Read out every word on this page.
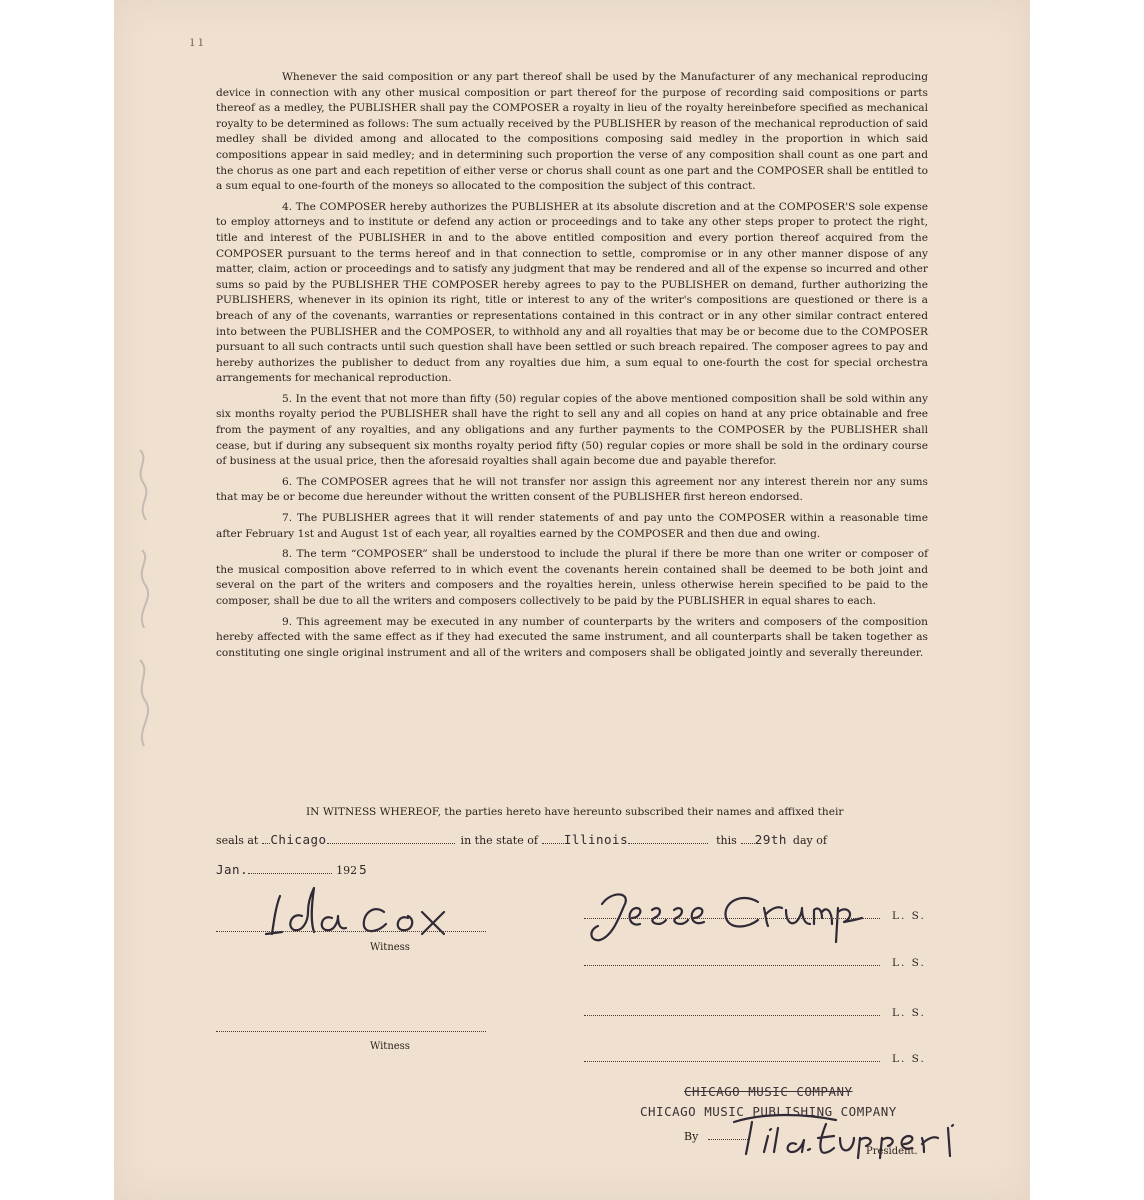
ıı

Whenever the said composition or any part thereof shall be used by the Manufacturer of any mechanical reproducing device in connection with any other musical composition or part thereof for the purpose of recording said compositions or parts thereof as a medley, the PUBLISHER shall pay the COMPOSER a royalty in lieu of the royalty hereinbefore specified as mechanical royalty to be determined as follows: The sum actually received by the PUBLISHER by reason of the mechanical reproduction of said medley shall be divided among and allocated to the compositions composing said medley in the proportion in which said compositions appear in said medley; and in determining such proportion the verse of any composition shall count as one part and the chorus as one part and each repetition of either verse or chorus shall count as one part and the COMPOSER shall be entitled to a sum equal to one-fourth of the moneys so allocated to the composition the subject of this contract.

4. The COMPOSER hereby authorizes the PUBLISHER at its absolute discretion and at the COMPOSER'S sole expense to employ attorneys and to institute or defend any action or proceedings and to take any other steps proper to protect the right, title and interest of the PUBLISHER in and to the above entitled composition and every portion thereof acquired from the COMPOSER pursuant to the terms hereof and in that connection to settle, compromise or in any other manner dispose of any matter, claim, action or proceedings and to satisfy any judgment that may be rendered and all of the expense so incurred and other sums so paid by the PUBLISHER THE COMPOSER hereby agrees to pay to the PUBLISHER on demand, further authorizing the PUBLISHERS, whenever in its opinion its right, title or interest to any of the writer's compositions are questioned or there is a breach of any of the covenants, warranties or representations contained in this contract or in any other similar contract entered into between the PUBLISHER and the COMPOSER, to withhold any and all royalties that may be or become due to the COMPOSER pursuant to all such contracts until such question shall have been settled or such breach repaired. The composer agrees to pay and hereby authorizes the publisher to deduct from any royalties due him, a sum equal to one-fourth the cost for special orchestra arrangements for mechanical reproduction.

5. In the event that not more than fifty (50) regular copies of the above mentioned composition shall be sold within any six months royalty period the PUBLISHER shall have the right to sell any and all copies on hand at any price obtainable and free from the payment of any royalties, and any obligations and any further payments to the COMPOSER by the PUBLISHER shall cease, but if during any subsequent six months royalty period fifty (50) regular copies or more shall be sold in the ordinary course of business at the usual price, then the aforesaid royalties shall again become due and payable therefor.

6. The COMPOSER agrees that he will not transfer nor assign this agreement nor any interest therein nor any sums that may be or become due hereunder without the written consent of the PUBLISHER first hereon endorsed.

7. The PUBLISHER agrees that it will render statements of and pay unto the COMPOSER within a reasonable time after February 1st and August 1st of each year, all royalties earned by the COMPOSER and then due and owing.

8. The term “COMPOSER” shall be understood to include the plural if there be more than one writer or composer of the musical composition above referred to in which event the covenants herein contained shall be deemed to be both joint and several on the part of the writers and composers and the royalties herein, unless otherwise herein specified to be paid to the composer, shall be due to all the writers and composers collectively to be paid by the PUBLISHER in equal shares to each.

9. This agreement may be executed in any number of counterparts by the writers and composers of the composition hereby affected with the same effect as if they had executed the same instrument, and all counterparts shall be taken together as constituting one single original instrument and all of the writers and composers shall be obligated jointly and severally thereunder.

IN WITNESS WHEREOF, the parties hereto have hereunto subscribed their names and affixed their
seals at Chicago	in the state of Illinois	this 29th day of
Jan.	192 5
Witness
L. S.
L. S.
L. S.
Witness
L. S.
CHICAGO MUSIC COMPANY
CHICAGO MUSIC PUBLISHING COMPANY
By
President.
